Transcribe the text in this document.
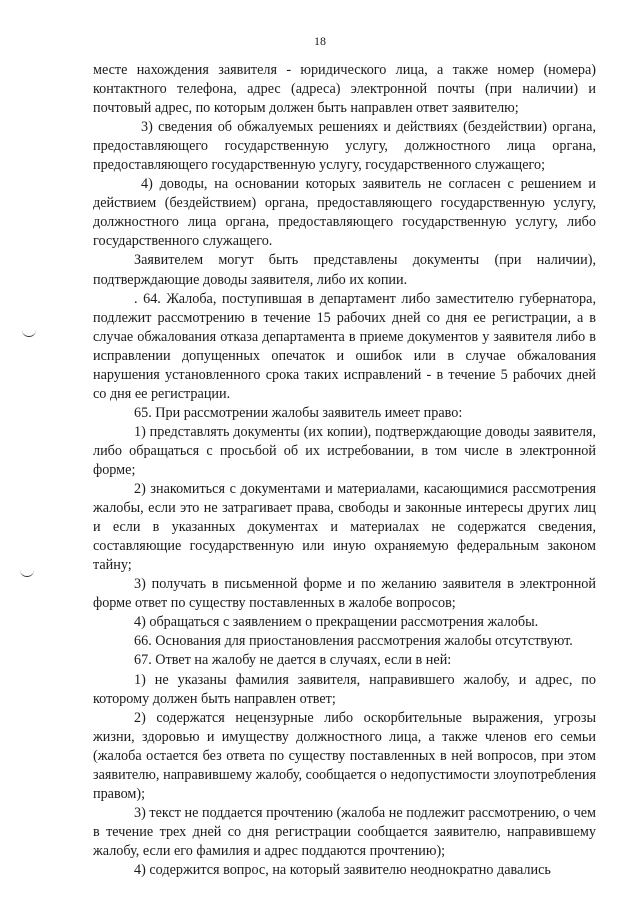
18

месте нахождения заявителя - юридического лица, а также номер (номера) контактного телефона, адрес (адреса) электронной почты (при наличии) и почтовый адрес, по которым должен быть направлен ответ заявителю;

3) сведения об обжалуемых решениях и действиях (бездействии) органа, предоставляющего государственную услугу, должностного лица органа, предоставляющего государственную услугу, государственного служащего;

4) доводы, на основании которых заявитель не согласен с решением и действием (бездействием) органа, предоставляющего государственную услугу, должностного лица органа, предоставляющего государственную услугу, либо государственного служащего.

Заявителем могут быть представлены документы (при наличии), подтверждающие доводы заявителя, либо их копии.

. 64. Жалоба, поступившая в департамент либо заместителю губернатора, подлежит рассмотрению в течение 15 рабочих дней со дня ее регистрации, а в случае обжалования отказа департамента в приеме документов у заявителя либо в исправлении допущенных опечаток и ошибок или в случае обжалования нарушения установленного срока таких исправлений - в течение 5 рабочих дней со дня ее регистрации.

65. При рассмотрении жалобы заявитель имеет право:

1) представлять документы (их копии), подтверждающие доводы заявителя, либо обращаться с просьбой об их истребовании, в том числе в электронной форме;

2) знакомиться с документами и материалами, касающимися рассмотрения жалобы, если это не затрагивает права, свободы и законные интересы других лиц и если в указанных документах и материалах не содержатся сведения, составляющие государственную или иную охраняемую федеральным законом тайну;

3) получать в письменной форме и по желанию заявителя в электронной форме ответ по существу поставленных в жалобе вопросов;

4) обращаться с заявлением о прекращении рассмотрения жалобы.

66. Основания для приостановления рассмотрения жалобы отсутствуют.

67. Ответ на жалобу не дается в случаях, если в ней:

1) не указаны фамилия заявителя, направившего жалобу, и адрес, по которому должен быть направлен ответ;

2) содержатся нецензурные либо оскорбительные выражения, угрозы жизни, здоровью и имуществу должностного лица, а также членов его семьи (жалоба остается без ответа по существу поставленных в ней вопросов, при этом заявителю, направившему жалобу, сообщается о недопустимости злоупотребления правом);

3) текст не поддается прочтению (жалоба не подлежит рассмотрению, о чем в течение трех дней со дня регистрации сообщается заявителю, направившему жалобу, если его фамилия и адрес поддаются прочтению);

4) содержится вопрос, на который заявителю неоднократно давались
